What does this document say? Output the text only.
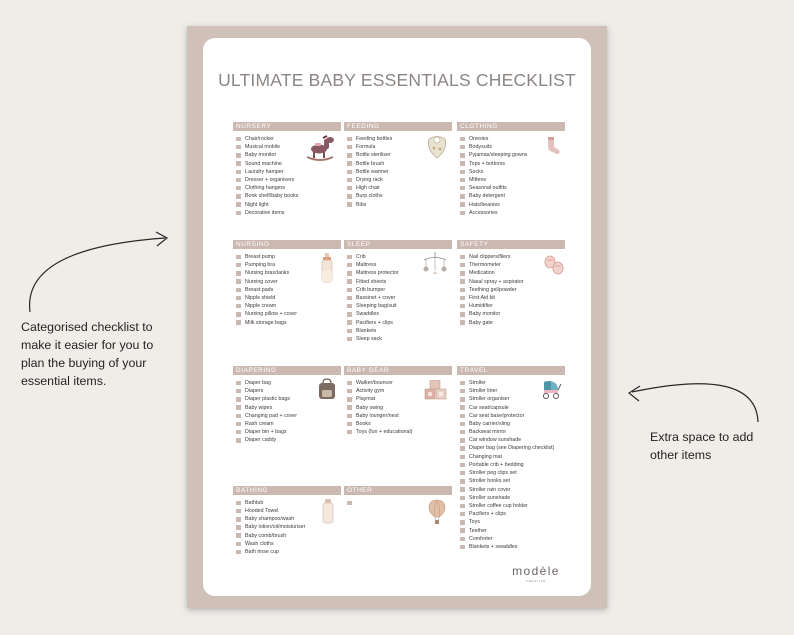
ULTIMATE BABY ESSENTIALS CHECKLIST
NURSERY
Chair/rocker
Musical mobile
Baby monitor
Sound machine
Laundry hamper
Dresser + organisers
Clothing hangers
Book shelf/baby books
Night light
Decorative items
FEEDING
Feeding bottles
Formula
Bottle steriliser
Bottle brush
Bottle warmer
Drying rack
High chair
Burp cloths
Bibs
CLOTHING
Onesies
Bodysuits
Pyjamas/sleeping gowns
Tops + bottoms
Socks
Mittens
Seasonal outfits
Baby detergent
Hats/beanies
Accessories
NURSING
Breast pump
Pumping bra
Nursing bras/tanks
Nursing cover
Breast pads
Nipple shield
Nipple cream
Nursing pillow + cover
Milk storage bags
SLEEP
Crib
Mattress
Mattress protector
Fitted sheets
Crib bumper
Bassinet + cover
Sleeping bag/suit
Swaddles
Pacifiers + clips
Blankets
Sleep sack
SAFETY
Nail clippers/filers
Thermometer
Medication
Nasal spray + aspirator
Teething gel/powder
First Aid kit
Humidifier
Baby monitor
Baby gate
DIAPERING
Diaper bag
Diapers
Diaper plastic bags
Baby wipes
Changing pad + cover
Rash cream
Diaper bin + bags
Diaper caddy
BABY GEAR
Walker/bouncer
Activity gym
Playmat
Baby swing
Baby lounger/nest
Books
Toys (fun + educational)
TRAVEL
Stroller
Stroller liner
Stroller organiser
Car seat/capsule
Car seat base/protector
Baby carrier/sling
Backseat mirror
Car window sunshade
Diaper bag (see Diapering checklist)
Changing mat
Portable crib + bedding
Stroller peg clips set
Stroller hooks set
Stroller rain cover
Stroller sunshade
Stroller coffee cup holder
Pacifiers + clips
Toys
Teether
Comforter
Blankets + swaddles
BATHING
Bathtub
Hooded Towel
Baby shampoo/wash
Baby lotion/oil/moisturiser
Baby comb/brush
Wash cloths
Bath rinse cup
OTHER
modèle
CREATIVE
Categorised checklist to make it easier for you to plan the buying of your essential items.
Extra space to add other items
